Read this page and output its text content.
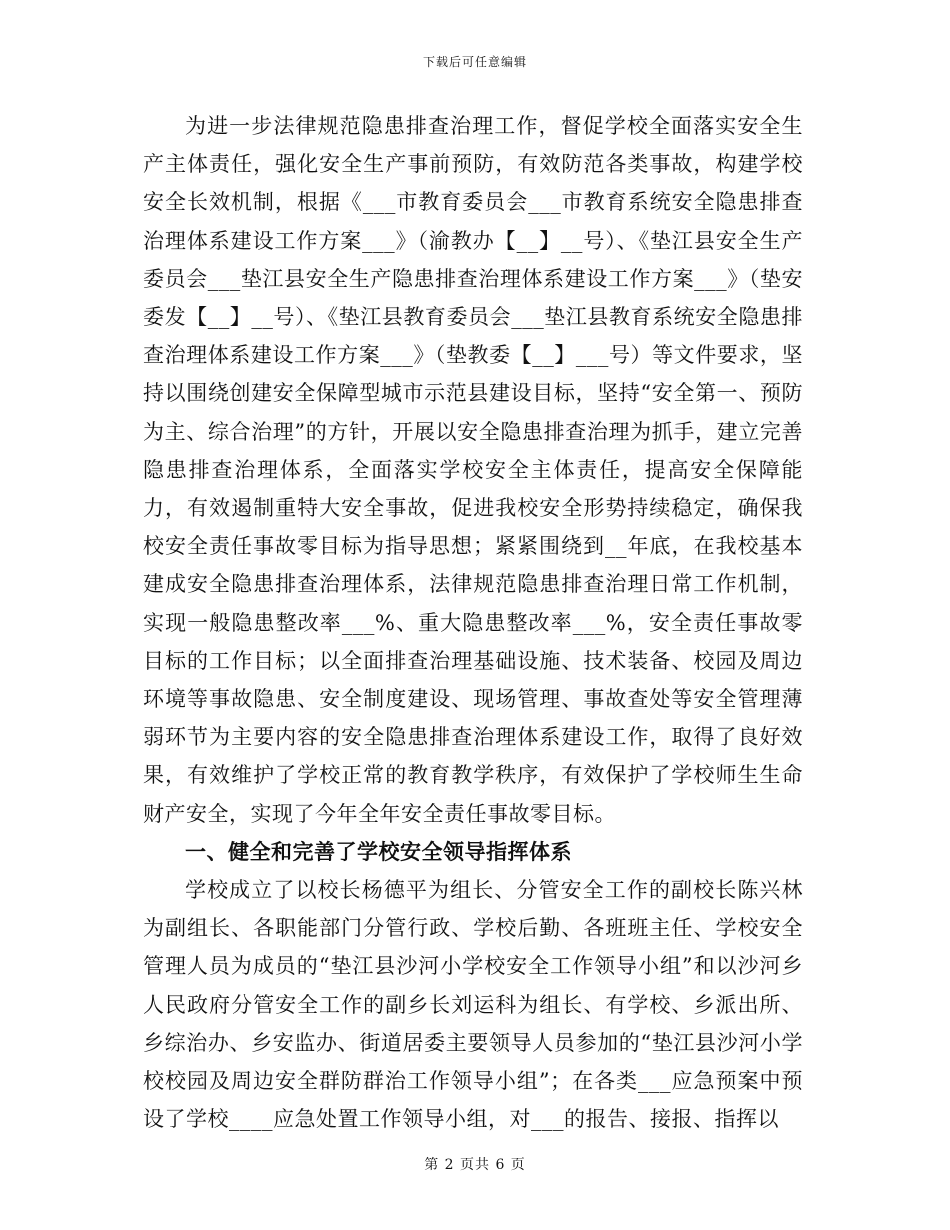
下载后可任意编辑

为进一步法律规范隐患排查治理工作，督促学校全面落实安全生产主体责任，强化安全生产事前预防，有效防范各类事故，构建学校安全长效机制，根据《___市教育委员会___市教育系统安全隐患排查治理体系建设工作方案___》（渝教办【__】__号）、《垫江县安全生产委员会___垫江县安全生产隐患排查治理体系建设工作方案___》（垫安委发【__】__号）、《垫江县教育委员会___垫江县教育系统安全隐患排查治理体系建设工作方案___》（垫教委【__】___号）等文件要求，坚持以围绕创建安全保障型城市示范县建设目标，坚持“安全第一、预防为主、综合治理”的方针，开展以安全隐患排查治理为抓手，建立完善隐患排查治理体系，全面落实学校安全主体责任，提高安全保障能力，有效遏制重特大安全事故，促进我校安全形势持续稳定，确保我校安全责任事故零目标为指导思想；紧紧围绕到__年底，在我校基本建成安全隐患排查治理体系，法律规范隐患排查治理日常工作机制，实现一般隐患整改率___%、重大隐患整改率___%，安全责任事故零目标的工作目标；以全面排查治理基础设施、技术装备、校园及周边环境等事故隐患、安全制度建设、现场管理、事故查处等安全管理薄弱环节为主要内容的安全隐患排查治理体系建设工作，取得了良好效果，有效维护了学校正常的教育教学秩序，有效保护了学校师生生命财产安全，实现了今年全年安全责任事故零目标。

一、健全和完善了学校安全领导指挥体系

学校成立了以校长杨德平为组长、分管安全工作的副校长陈兴林为副组长、各职能部门分管行政、学校后勤、各班班主任、学校安全管理人员为成员的“垫江县沙河小学校安全工作领导小组”和以沙河乡人民政府分管安全工作的副乡长刘运科为组长、有学校、乡派出所、乡综治办、乡安监办、街道居委主要领导人员参加的“垫江县沙河小学校校园及周边安全群防群治工作领导小组”；在各类___应急预案中预设了学校____应急处置工作领导小组，对___的报告、接报、指挥以

第 2 页共 6 页
